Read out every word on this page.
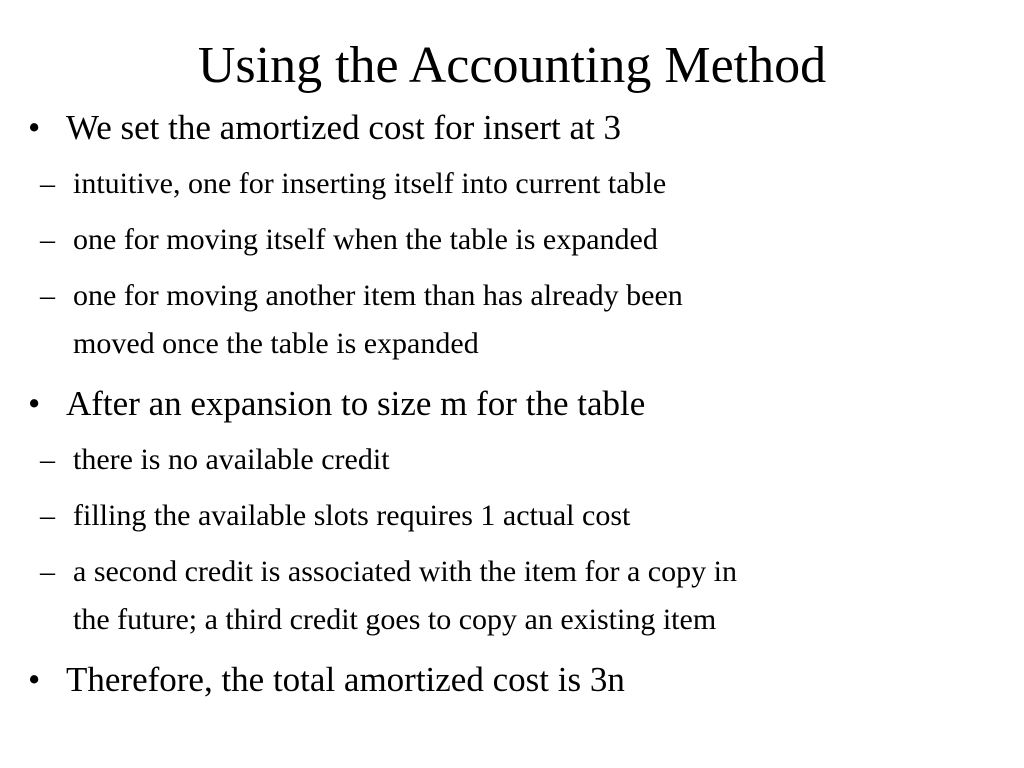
Using the Accounting Method
• We set the amortized cost for insert at 3
– intuitive, one for inserting itself into current table
– one for moving itself when the table is expanded
– one for moving another item than has already been
moved once the table is expanded
• After an expansion to size m for the table
– there is no available credit
– filling the available slots requires 1 actual cost
– a second credit is associated with the item for a copy in
the future; a third credit goes to copy an existing item
• Therefore, the total amortized cost is 3n
